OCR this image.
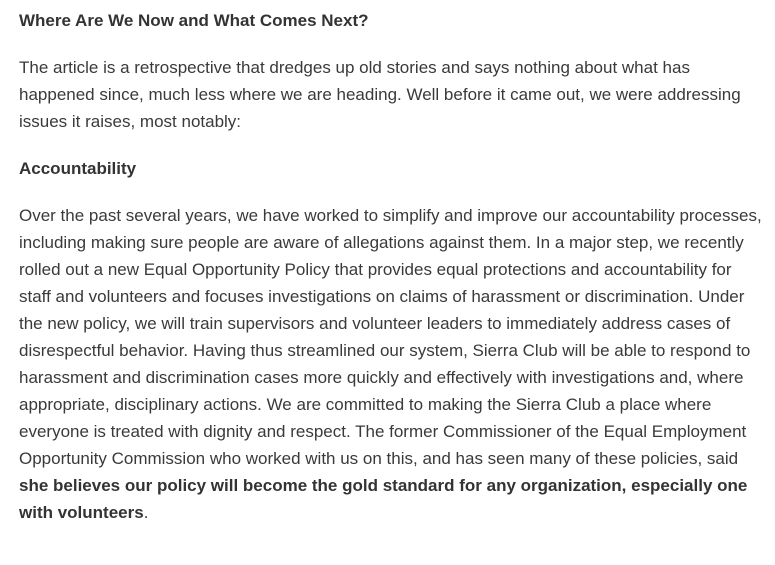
Where Are We Now and What Comes Next?

The article is a retrospective that dredges up old stories and says nothing about what has happened since, much less where we are heading. Well before it came out, we were addressing issues it raises, most notably:

Accountability

Over the past several years, we have worked to simplify and improve our accountability processes, including making sure people are aware of allegations against them. In a major step, we recently rolled out a new Equal Opportunity Policy that provides equal protections and accountability for staff and volunteers and focuses investigations on claims of harassment or discrimination. Under the new policy, we will train supervisors and volunteer leaders to immediately address cases of disrespectful behavior. Having thus streamlined our system, Sierra Club will be able to respond to harassment and discrimination cases more quickly and effectively with investigations and, where appropriate, disciplinary actions. We are committed to making the Sierra Club a place where everyone is treated with dignity and respect. The former Commissioner of the Equal Employment Opportunity Commission who worked with us on this, and has seen many of these policies, said she believes our policy will become the gold standard for any organization, especially one with volunteers.
